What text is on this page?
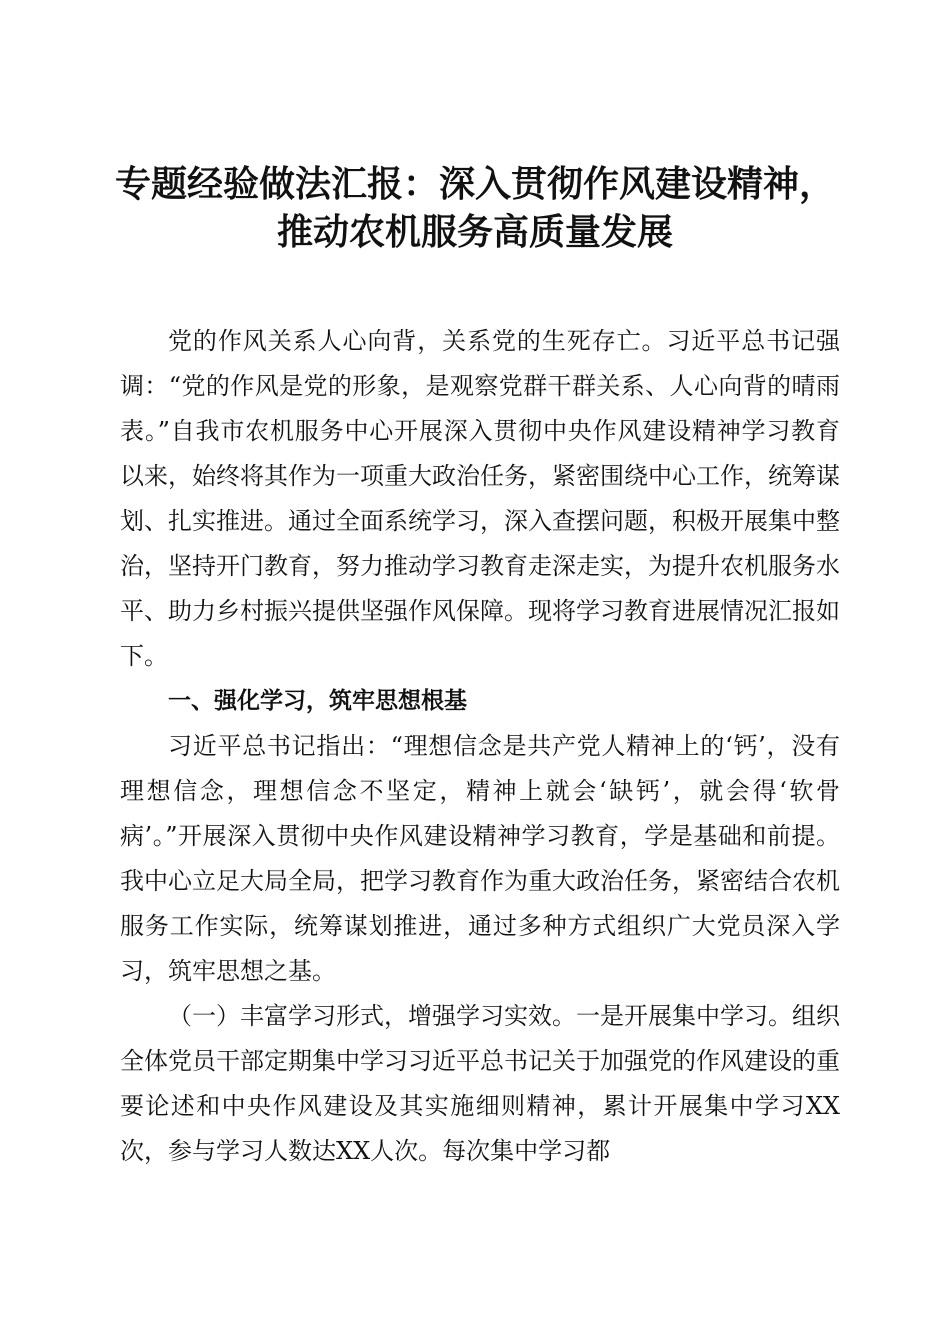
专题经验做法汇报：深入贯彻作风建设精神，
推动农机服务高质量发展

党的作风关系人心向背，关系党的生死存亡。习近平总书记强调：“党的作风是党的形象，是观察党群干群关系、人心向背的晴雨表。”自我市农机服务中心开展深入贯彻中央作风建设精神学习教育以来，始终将其作为一项重大政治任务，紧密围绕中心工作，统筹谋划、扎实推进。通过全面系统学习，深入查摆问题，积极开展集中整治，坚持开门教育，努力推动学习教育走深走实，为提升农机服务水平、助力乡村振兴提供坚强作风保障。现将学习教育进展情况汇报如下。

一、强化学习，筑牢思想根基

习近平总书记指出：“理想信念是共产党人精神上的‘钙’，没有理想信念，理想信念不坚定，精神上就会‘缺钙’，就会得‘软骨病’。”开展深入贯彻中央作风建设精神学习教育，学是基础和前提。我中心立足大局全局，把学习教育作为重大政治任务，紧密结合农机服务工作实际，统筹谋划推进，通过多种方式组织广大党员深入学习，筑牢思想之基。

（一）丰富学习形式，增强学习实效。一是开展集中学习。组织全体党员干部定期集中学习习近平总书记关于加强党的作风建设的重要论述和中央作风建设及其实施细则精神，累计开展集中学习XX次，参与学习人数达XX人次。每次集中学习都
